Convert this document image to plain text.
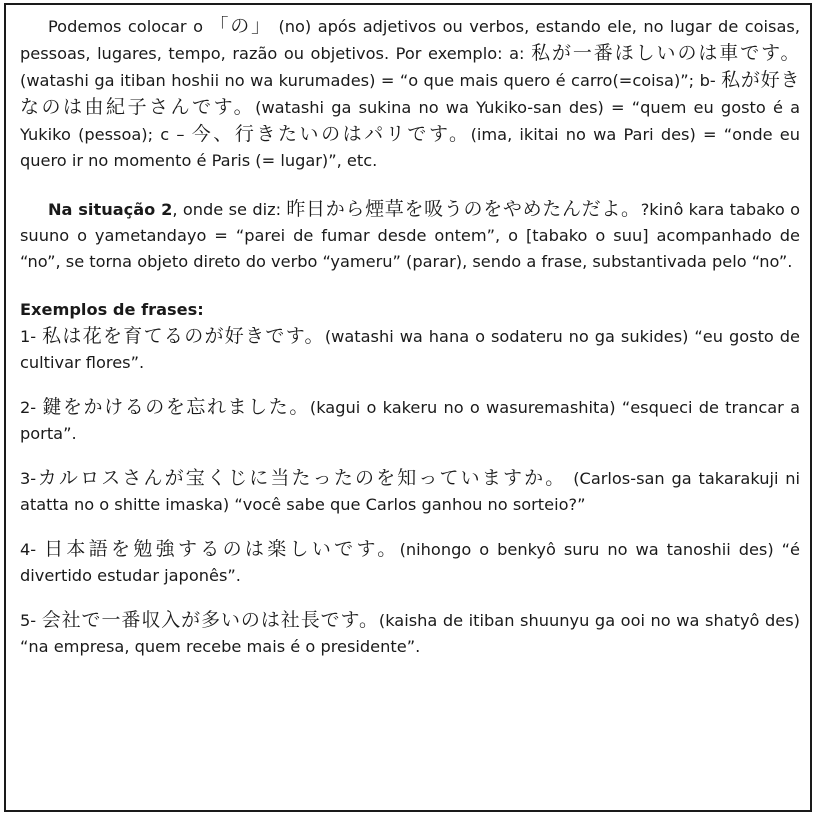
Podemos colocar o 「の」 (no) após adjetivos ou verbos, estando ele, no lugar de coisas, pessoas, lugares, tempo, razão ou objetivos. Por exemplo: a: 私が一番ほしいのは車です。(watashi ga itiban hoshii no wa kurumades) = “o que mais quero é carro(=coisa)”; b- 私が好きなのは由紀子さんです。(watashi ga sukina no wa Yukiko-san des) = “quem eu gosto é a Yukiko (pessoa); c – 今、行きたいのはパリです。(ima, ikitai no wa Pari des) = “onde eu quero ir no momento é Paris (= lugar)”, etc.

Na situação 2, onde se diz: 昨日から煙草を吸うのをやめたんだよ。?kinô kara tabako o suuno o yametandayo = “parei de fumar desde ontem”, o [tabako o suu] acompanhado de “no”, se torna objeto direto do verbo “yameru” (parar), sendo a frase, substantivada pelo “no”.

Exemplos de frases:

1- 私は花を育てるのが好きです。(watashi wa hana o sodateru no ga sukides) “eu gosto de cultivar flores”.

2- 鍵をかけるのを忘れました。(kagui o kakeru no o wasuremashita) “esqueci de trancar a porta”.

3-カルロスさんが宝くじに当たったのを知っていますか。 (Carlos-san ga takarakuji ni atatta no o shitte imaska) “você sabe que Carlos ganhou no sorteio?”

4- 日本語を勉強するのは楽しいです。(nihongo o benkyô suru no wa tanoshii des) “é divertido estudar japonês”.

5- 会社で一番収入が多いのは社長です。(kaisha de itiban shuunyu ga ooi no wa shatyô des) “na empresa, quem recebe mais é o presidente”.
